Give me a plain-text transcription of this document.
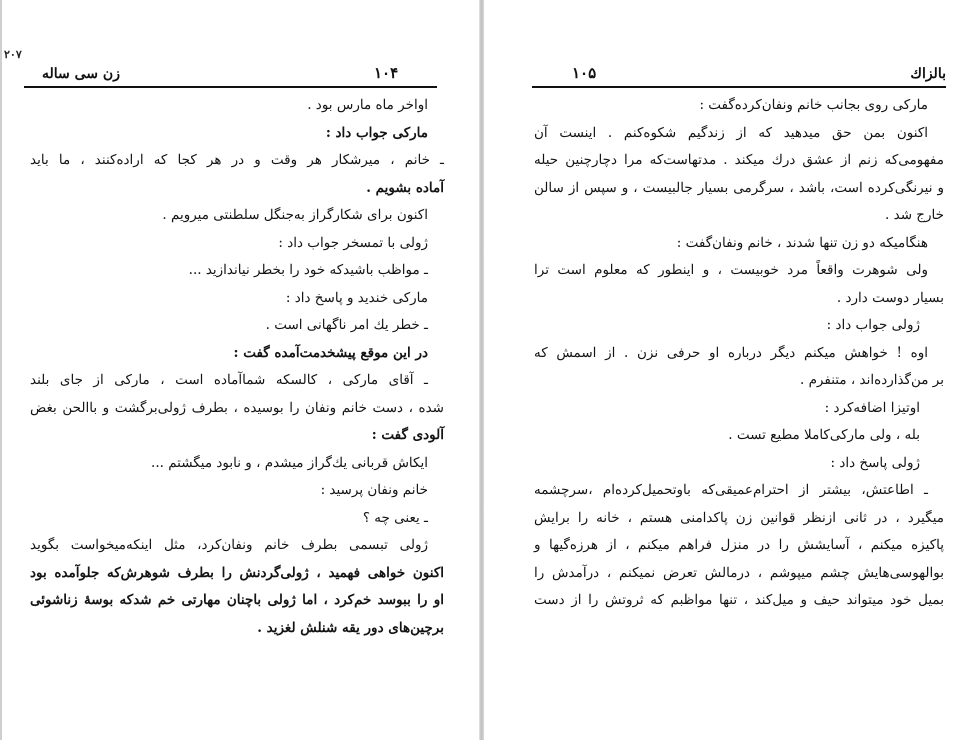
۲۰۷
زن سی ساله	۱۰۴
اواخر ماه مارس بود .
مارکی جواب داد :
ـ خانم ، میرشکار هر وقت و در هر کجا که اراده‌کنند ، ما باید
آماده بشویم .
اکنون برای شکارگراز به‌جنگل سلطنتی میرویم .
ژولی با تمسخر جواب داد :
ـ مواظب باشید‌که خود را بخطر نیاندازید ...
مارکی خندید و پاسخ داد :
ـ خطر یك امر ناگهانی است .
در این موقع پیشخدمت‌آمده گفت :
ـ آقای مارکی ، کالسکه شماآماده است ، مارکی از جای بلند
شده ، دست خانم ونفان را بوسیده ، بطرف ژولی‌برگشت و باالحن بغض
آلودی گفت :
ایکاش قربانی یك‌گراز میشدم ، و نابود میگشتم ...
خانم ونفان پرسید :
ـ یعنی چه ؟
ژولی تبسمی بطرف خانم ونفان‌کرد، مثل اینکه‌میخواست بگوید
اکنون خواهی فهمید ، ژولی‌گردنش را بطرف شوهرش‌که جلوآمده بود
او را ببوسد خم‌کرد ، اما ژولی باچنان مهارتی خم شدکه بوسهٔ زناشوئی
برچین‌های دور یقه شنلش لغزید .
۱۰۵	بالزاك
مارکی روی بجانب خانم ونفان‌کرده‌گفت :
اکنون بمن حق میدهید که از زندگیم شکوه‌کنم . اینست آن
مفهومی‌که زنم از عشق درك میکند . مدتهاست‌که مرا دچارچنین حیله
و نیرنگی‌کرده است، باشد ، سرگرمی بسیار جالبیست ، و سپس از سالن
خارج شد .
هنگامیکه دو زن تنها شدند ، خانم ونفان‌گفت :
ولی شوهرت واقعاً مرد خوبیست ، و اینطور که معلوم است ترا
بسیار دوست دارد .
ژولی جواب داد :
اوه ! خواهش میکنم دیگر درباره او حرفی نزن . از اسمش که
بر من‌گذارده‌اند ، متنفرم .
اوتیزا اضافه‌کرد :
بله ، ولی مارکی‌کاملا مطیع تست .
ژولی پاسخ داد :
ـ اطاعتش، بیشتر از احترام‌عمیقی‌که باوتحمیل‌کرده‌ام ،سرچشمه
میگیرد ، در ثانی ازنظر قوانین زن پاکدامنی هستم ، خانه را برایش
پاکیزه میکنم ، آسایشش را در منزل فراهم میکنم ، از هرزه‌گیها و
بوالهوسی‌هایش چشم میپوشم ، درمالش تعرض نمیکنم ، درآمدش را
بمیل خود میتواند حیف و میل‌کند ، تنها مواظبم که ثروتش را از دست
